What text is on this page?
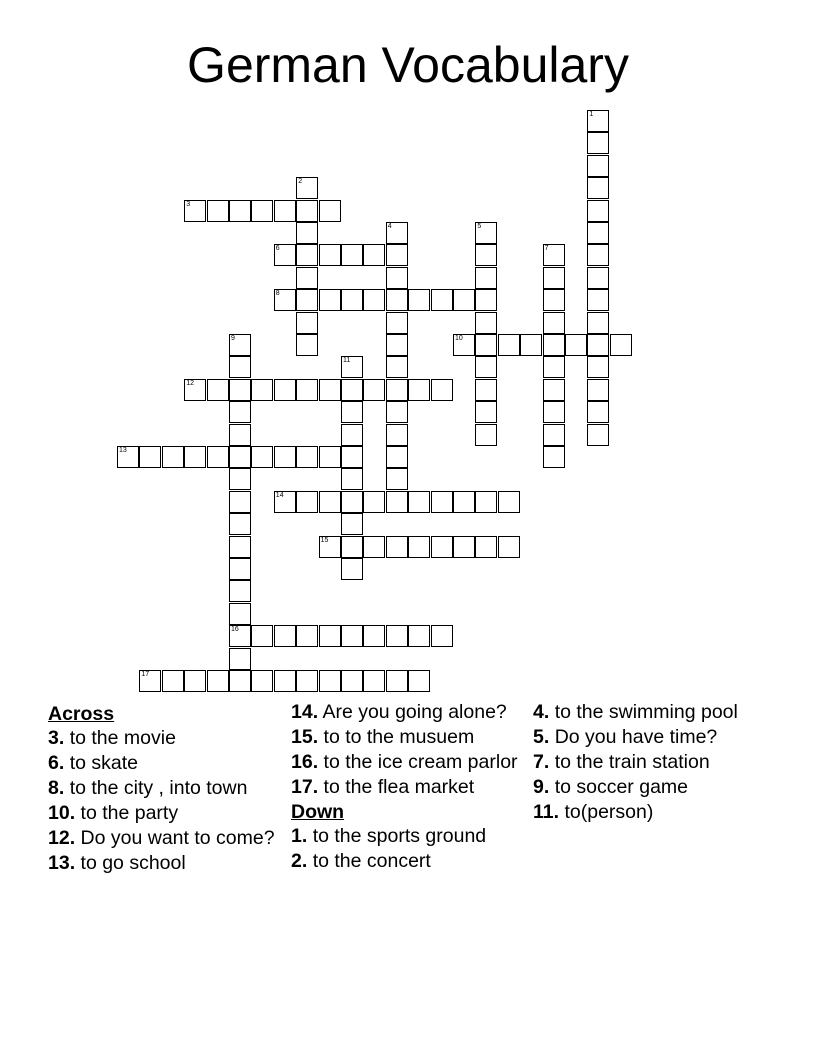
German Vocabulary
1
2
3
4	5
6	7
8
9
16
10
11
12
13
14
15
17
Across
3. to the movie
6. to skate
8. to the city , into town
10. to the party
12. Do you want to come?
13. to go school
14. Are you going alone?
15. to to the musuem
16. to the ice cream parlor
17. to the flea market
Down
1. to the sports ground
2. to the concert
4. to the swimming pool
5. Do you have time?
7. to the train station
9. to soccer game
11. to(person)
